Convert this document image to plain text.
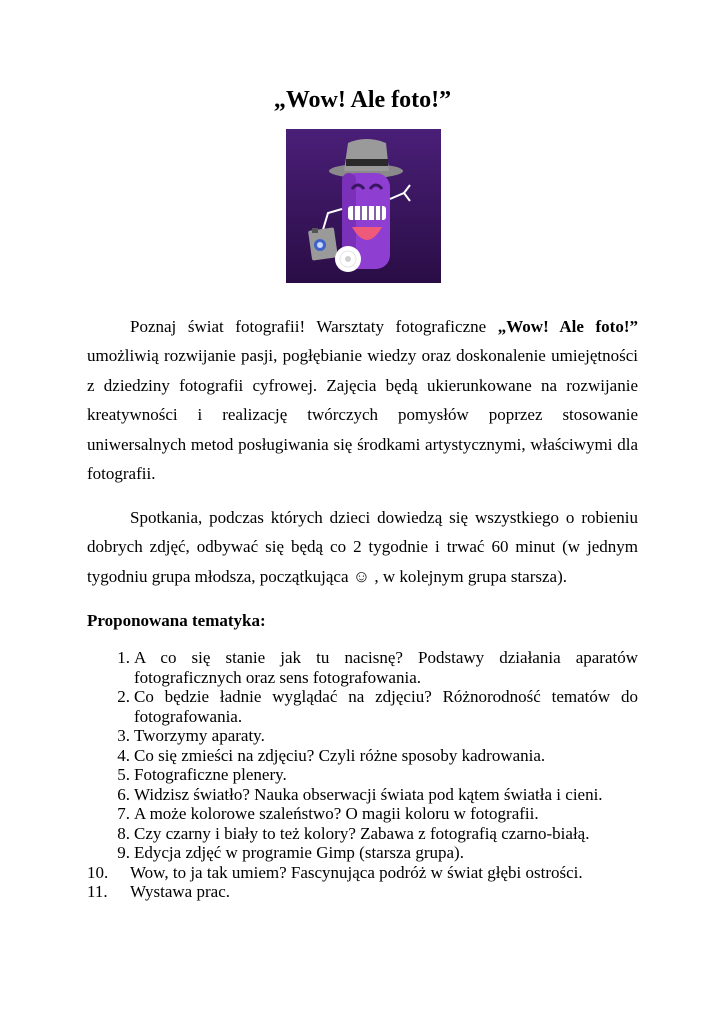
„Wow! Ale foto!”

Poznaj świat fotografii! Warsztaty fotograficzne „Wow! Ale foto!” umożliwią rozwijanie pasji, pogłębianie wiedzy oraz doskonalenie umiejętności z dziedziny fotografii cyfrowej. Zajęcia będą ukierunkowane na rozwijanie kreatywności i realizację twórczych pomysłów poprzez stosowanie uniwersalnych metod posługiwania się środkami artystycznymi, właściwymi dla fotografii.

Spotkania, podczas których dzieci dowiedzą się wszystkiego o robieniu dobrych zdjęć, odbywać się będą co 2 tygodnie i trwać 60 minut (w jednym tygodniu grupa młodsza, początkująca ☺ , w kolejnym grupa starsza).

Proponowana tematyka:
1. A co się stanie jak tu nacisnę? Podstawy działania aparatów fotograficznych oraz sens fotografowania.
2. Co będzie ładnie wyglądać na zdjęciu? Różnorodność tematów do fotografowania.
3. Tworzymy aparaty.
4. Co się zmieści na zdjęciu? Czyli różne sposoby kadrowania.
5. Fotograficzne plenery.
6. Widzisz światło? Nauka obserwacji świata pod kątem światła i cieni.
7. A może kolorowe szaleństwo? O magii koloru w fotografii.
8. Czy czarny i biały to też kolory? Zabawa z fotografią czarno-białą.
9. Edycja zdjęć w programie Gimp (starsza grupa).
10.	Wow, to ja tak umiem? Fascynująca podróż w świat głębi ostrości.
11.	Wystawa prac.
